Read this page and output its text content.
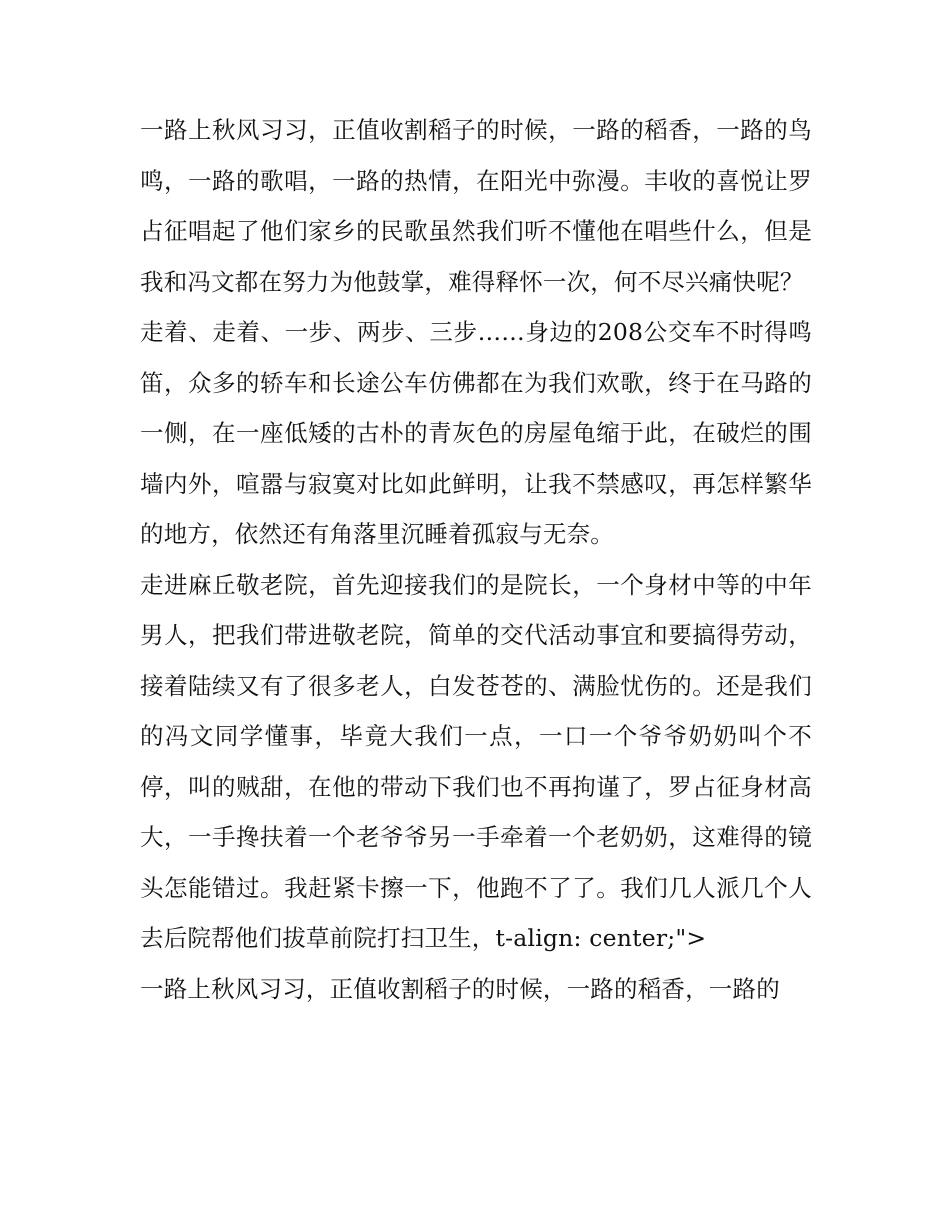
一路上秋风习习，正值收割稻子的时候，一路的稻香，一路的鸟鸣，一路的歌唱，一路的热情，在阳光中弥漫。丰收的喜悦让罗占征唱起了他们家乡的民歌虽然我们听不懂他在唱些什么，但是我和冯文都在努力为他鼓掌，难得释怀一次，何不尽兴痛快呢？

走着、走着、一步、两步、三步……身边的208公交车不时得鸣笛，众多的轿车和长途公车仿佛都在为我们欢歌，终于在马路的一侧，在一座低矮的古朴的青灰色的房屋龟缩于此，在破烂的围墙内外，喧嚣与寂寞对比如此鲜明，让我不禁感叹，再怎样繁华的地方，依然还有角落里沉睡着孤寂与无奈。

走进麻丘敬老院，首先迎接我们的是院长，一个身材中等的中年男人，把我们带进敬老院，简单的交代活动事宜和要搞得劳动，接着陆续又有了很多老人，白发苍苍的、满脸忧伤的。还是我们的冯文同学懂事，毕竟大我们一点，一口一个爷爷奶奶叫个不停，叫的贼甜，在他的带动下我们也不再拘谨了，罗占征身材高大，一手搀扶着一个老爷爷另一手牵着一个老奶奶，这难得的镜头怎能错过。我赶紧卡擦一下，他跑不了了。我们几人派几个人去后院帮他们拔草前院打扫卫生，t-align: center;">

一路上秋风习习，正值收割稻子的时候，一路的稻香，一路的
